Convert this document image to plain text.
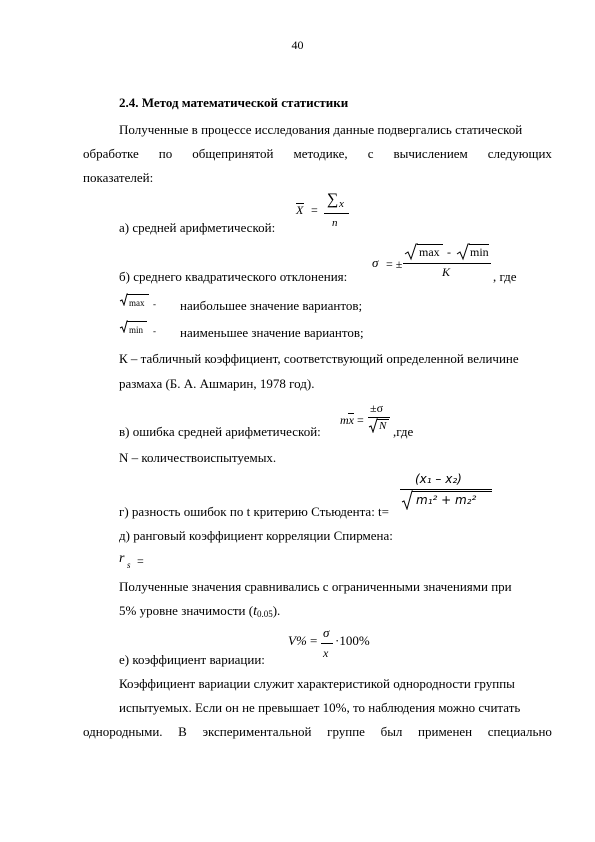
40
2.4. Метод математической статистики
Полученные в процессе исследования данные подвергались статической
обработке по общепринятой методике, с вычислением следующих
показателей:
X =
∑ x
n
а) средней арифметической:
σ = ±
max - min
K
б) среднего квадратического отклонения:	, где
max - наибольшее значение вариантов;
min - наименьшее значение вариантов;
К – табличный коэффициент, соответствующий определенной величине
размаха (Б. А. Ашмарин, 1978 год).
mx =
±σ
N
в) ошибка средней арифметической:	,где
N – количествоиспытуемых.
(x₁ – x₂)
m₁² + m₂²
г) разность ошибок по t критерию Стьюдента: t=
д) ранговый коэффициент корреляции Спирмена:
r s =
Полученные значения сравнивались с ограниченными значениями при
5% уровне значимости (t0.05).
V% =
σ
x
·100%
е) коэффициент вариации:
Коэффициент вариации служит характеристикой однородности группы
испытуемых. Если он не превышает 10%, то наблюдения можно считать
однородными. В экспериментальной группе был применен специально
